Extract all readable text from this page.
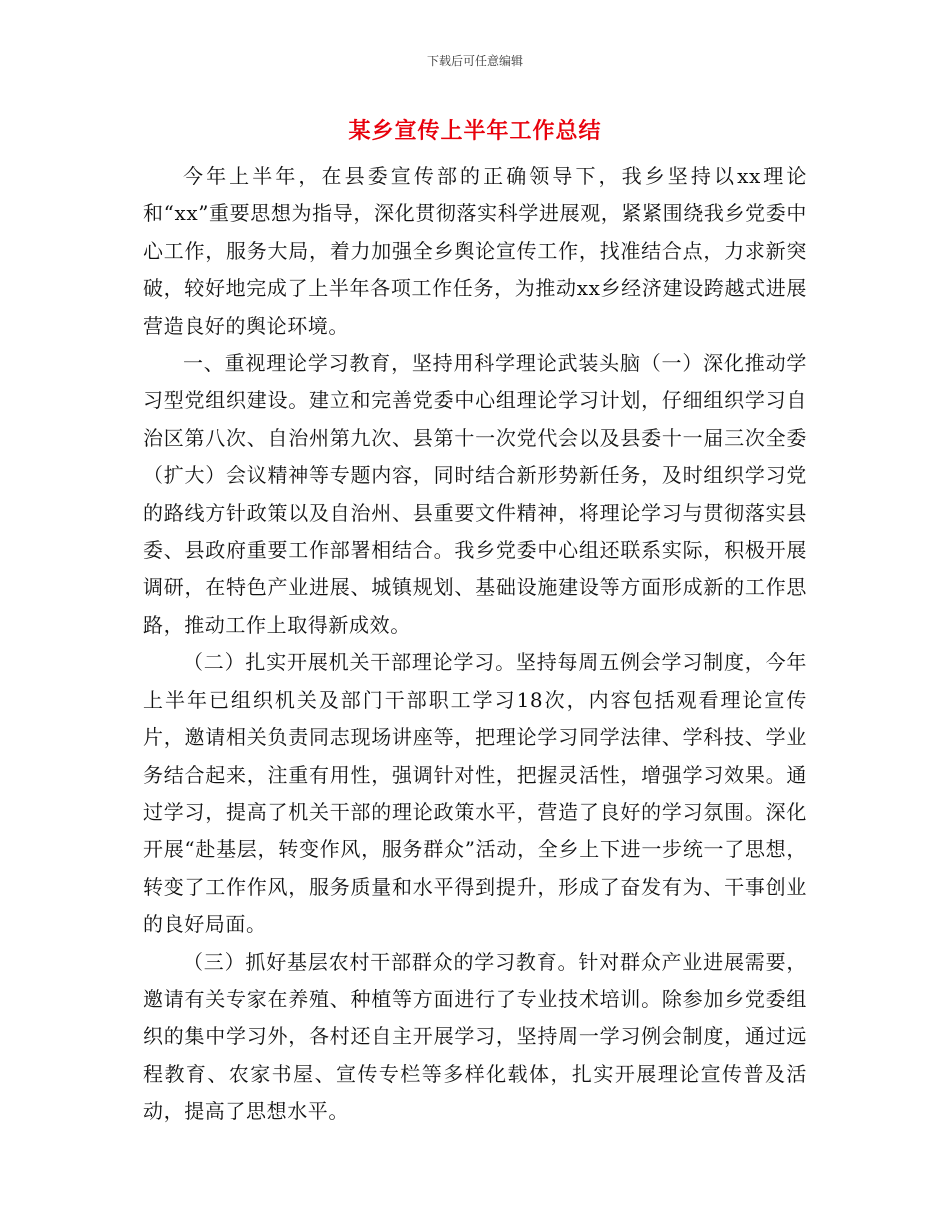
下载后可任意编辑
某乡宣传上半年工作总结

今年上半年，在县委宣传部的正确领导下，我乡坚持以xx理论和“xx”重要思想为指导，深化贯彻落实科学进展观，紧紧围绕我乡党委中心工作，服务大局，着力加强全乡舆论宣传工作，找准结合点，力求新突破，较好地完成了上半年各项工作任务，为推动xx乡经济建设跨越式进展营造良好的舆论环境。

一、重视理论学习教育，坚持用科学理论武装头脑（一）深化推动学习型党组织建设。建立和完善党委中心组理论学习计划，仔细组织学习自治区第八次、自治州第九次、县第十一次党代会以及县委十一届三次全委（扩大）会议精神等专题内容，同时结合新形势新任务，及时组织学习党的路线方针政策以及自治州、县重要文件精神，将理论学习与贯彻落实县委、县政府重要工作部署相结合。我乡党委中心组还联系实际，积极开展调研，在特色产业进展、城镇规划、基础设施建设等方面形成新的工作思路，推动工作上取得新成效。

（二）扎实开展机关干部理论学习。坚持每周五例会学习制度，今年上半年已组织机关及部门干部职工学习18次，内容包括观看理论宣传片，邀请相关负责同志现场讲座等，把理论学习同学法律、学科技、学业务结合起来，注重有用性，强调针对性，把握灵活性，增强学习效果。通过学习，提高了机关干部的理论政策水平，营造了良好的学习氛围。深化开展“赴基层，转变作风，服务群众”活动，全乡上下进一步统一了思想，转变了工作作风，服务质量和水平得到提升，形成了奋发有为、干事创业的良好局面。

（三）抓好基层农村干部群众的学习教育。针对群众产业进展需要，邀请有关专家在养殖、种植等方面进行了专业技术培训。除参加乡党委组织的集中学习外，各村还自主开展学习，坚持周一学习例会制度，通过远程教育、农家书屋、宣传专栏等多样化载体，扎实开展理论宣传普及活动，提高了思想水平。
